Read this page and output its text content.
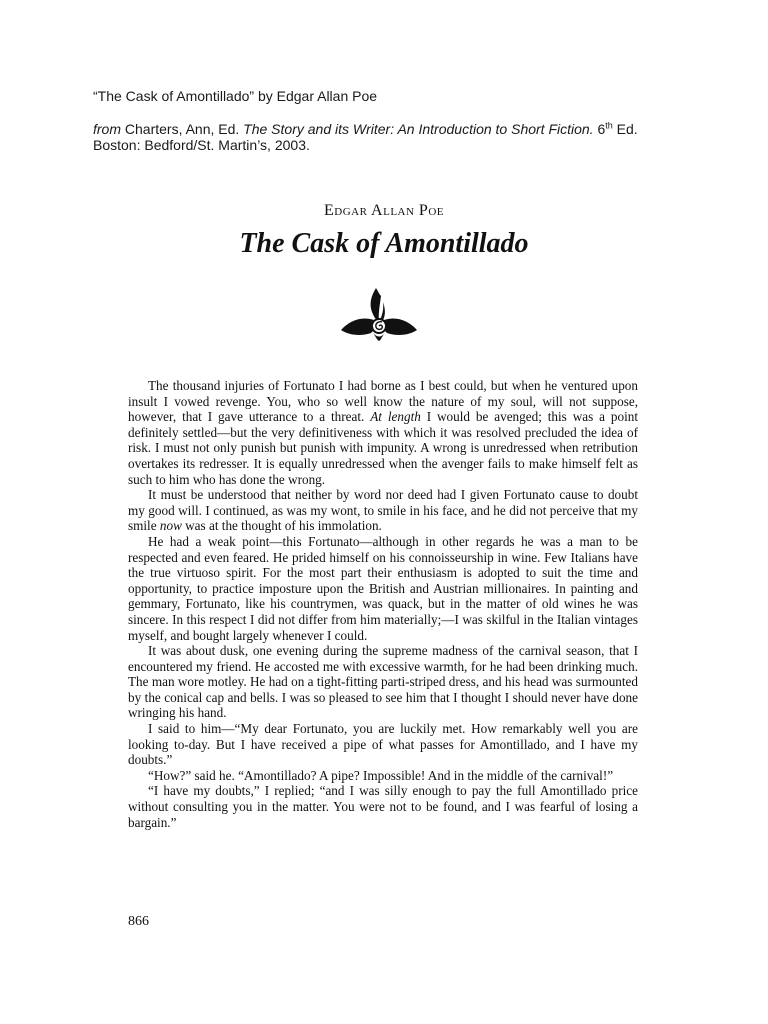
“The Cask of Amontillado” by Edgar Allan Poe
from Charters, Ann, Ed. The Story and its Writer: An Introduction to Short Fiction. 6th Ed.
Boston: Bedford/St. Martin’s, 2003.
Edgar Allan Poe
The Cask of Amontillado

The thousand injuries of Fortunato I had borne as I best could, but when he ventured upon insult I vowed revenge. You, who so well know the nature of my soul, will not suppose, however, that I gave utterance to a threat. At length I would be avenged; this was a point definitely settled—but the very definitiveness with which it was resolved precluded the idea of risk. I must not only punish but punish with impunity. A wrong is unredressed when retribution overtakes its redresser. It is equally unredressed when the avenger fails to make himself felt as such to him who has done the wrong.

It must be understood that neither by word nor deed had I given Fortunato cause to doubt my good will. I continued, as was my wont, to smile in his face, and he did not perceive that my smile now was at the thought of his immolation.

He had a weak point—this Fortunato—although in other regards he was a man to be respected and even feared. He prided himself on his connoisseurship in wine. Few Italians have the true virtuoso spirit. For the most part their enthusiasm is adopted to suit the time and opportunity, to practice imposture upon the British and Austrian millionaires. In painting and gemmary, Fortunato, like his countrymen, was quack, but in the matter of old wines he was sincere. In this respect I did not differ from him materially;—I was skilful in the Italian vintages myself, and bought largely whenever I could.

It was about dusk, one evening during the supreme madness of the carnival season, that I encountered my friend. He accosted me with excessive warmth, for he had been drinking much. The man wore motley. He had on a tight-fitting parti-striped dress, and his head was surmounted by the conical cap and bells. I was so pleased to see him that I thought I should never have done wringing his hand.

I said to him—“My dear Fortunato, you are luckily met. How remarkably well you are looking to-day. But I have received a pipe of what passes for Amontillado, and I have my doubts.”

“How?” said he. “Amontillado? A pipe? Impossible! And in the middle of the carnival!”

“I have my doubts,” I replied; “and I was silly enough to pay the full Amontillado price without consulting you in the matter. You were not to be found, and I was fearful of losing a bargain.”

866
